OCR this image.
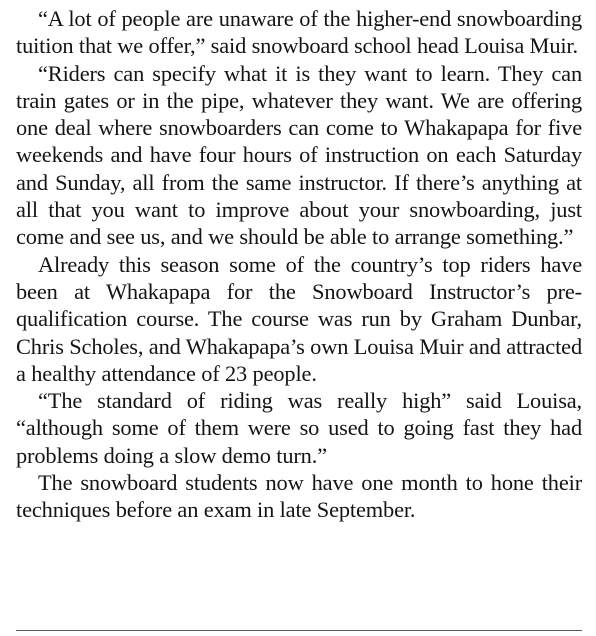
“A lot of people are unaware of the higher-end snowboarding tuition that we offer,” said snowboard school head Louisa Muir.

“Riders can specify what it is they want to learn. They can train gates or in the pipe, whatever they want. We are offering one deal where snowboarders can come to Whakapapa for five weekends and have four hours of instruction on each Saturday and Sunday, all from the same instructor. If there’s anything at all that you want to improve about your snowboarding, just come and see us, and we should be able to arrange something.”

Already this season some of the country’s top riders have been at Whakapapa for the Snowboard Instructor’s pre-qualification course. The course was run by Graham Dunbar, Chris Scholes, and Whakapapa’s own Louisa Muir and attracted a healthy attendance of 23 people.

“The standard of riding was really high” said Louisa, “although some of them were so used to going fast they had problems doing a slow demo turn.”

The snowboard students now have one month to hone their techniques before an exam in late September.
